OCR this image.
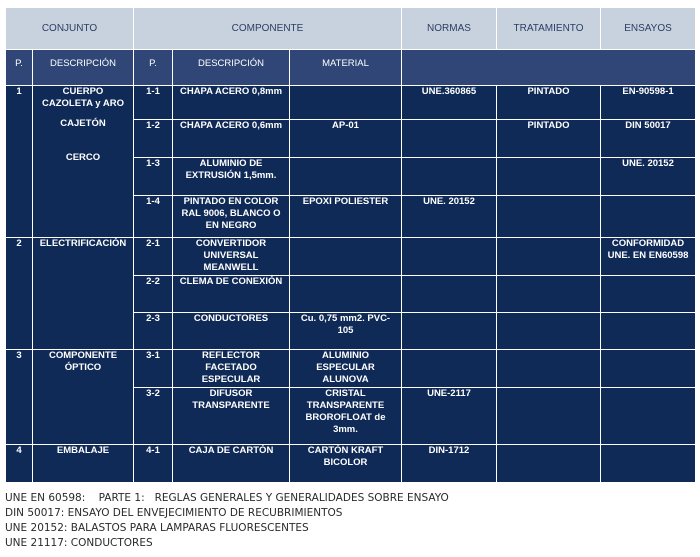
CONJUNTO		COMPONENTE			NORMAS	TRATAMIENTO	ENSAYOS
P.	DESCRIPCIÓN	P.	DESCRIPCIÓN	MATERIAL			
1	CUERPO CAZOLETA y ARO
CAJETÓN
CERCO	1-1	CHAPA ACERO 0,8mm		UNE.360865	PINTADO	EN-90598-1
		1-2	CHAPA ACERO 0,6mm	AP-01		PINTADO	DIN 50017
		1-3	ALUMINIO DE EXTRUSIÓN 1,5mm.				UNE. 20152
		1-4	PINTADO EN COLOR RAL 9006, BLANCO O EN NEGRO	EPOXI POLIESTER	UNE. 20152		
2	ELECTRIFICACIÓN	2-1	CONVERTIDOR UNIVERSAL MEANWELL				CONFORMIDAD UNE. EN EN60598
		2-2	CLEMA DE CONEXIÓN				
		2-3	CONDUCTORES	Cu. 0,75 mm2. PVC- 105			
3	COMPONENTE ÓPTICO	3-1	REFLECTOR FACETADO ESPECULAR	ALUMINIO ESPECULAR ALUNOVA			
		3-2	DIFUSOR TRANSPARENTE	CRISTAL TRANSPARENTE BROROFLOAT de 3mm.	UNE-2117		
4	EMBALAJE	4-1	CAJA DE CARTÓN	CARTÓN KRAFT BICOLOR	DIN-1712		
UNE EN 60598:    PARTE 1:   REGLAS GENERALES Y GENERALIDADES SOBRE ENSAYO
DIN 50017: ENSAYO DEL ENVEJECIMIENTO DE RECUBRIMIENTOS
UNE 20152: BALASTOS PARA LAMPARAS FLUORESCENTES
UNE 21117: CONDUCTORES
